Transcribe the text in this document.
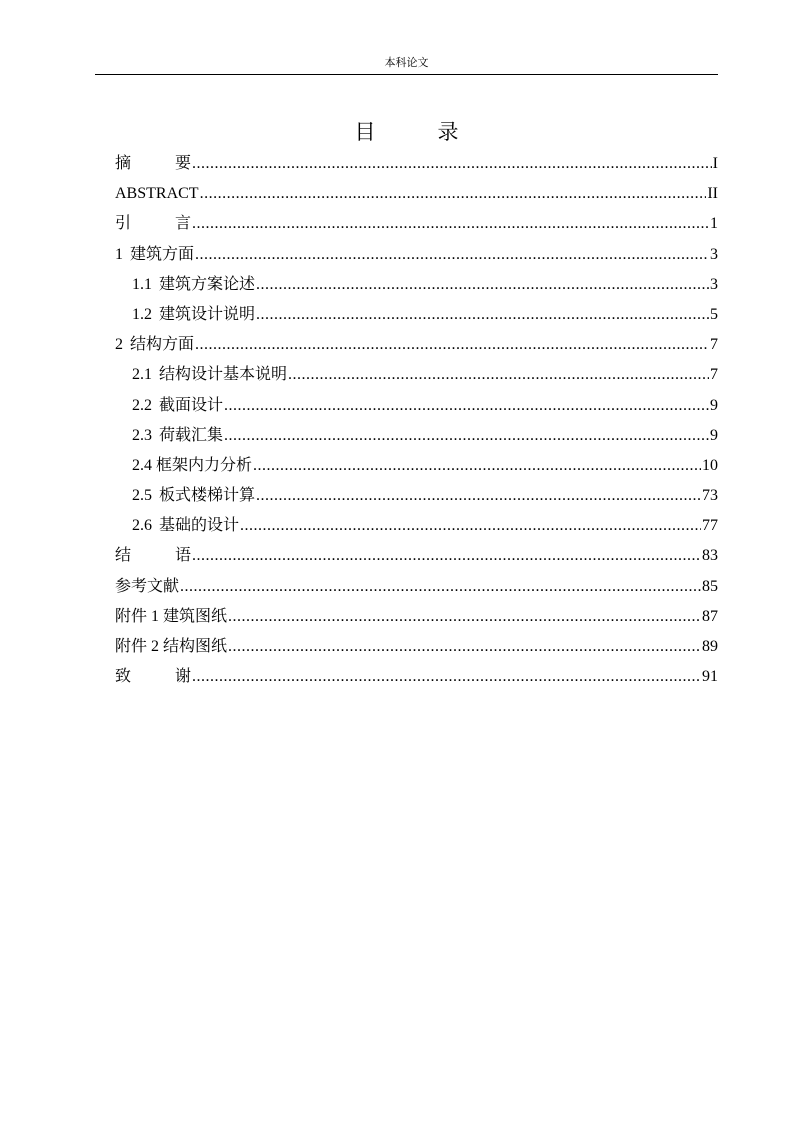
本科论文
目	录
摘	要 .....	I
ABSTRACT .....	II
引	言 .....	1
1 建筑方面 .....	3
1.1 建筑方案论述 .....	3
1.2 建筑设计说明 .....	5
2 结构方面 .....	7
2.1 结构设计基本说明 .....	7
2.2 截面设计 .....	9
2.3 荷载汇集 .....	9
2.4 框架内力分析 .....	10
2.5 板式楼梯计算 .....	73
2.6 基础的设计 .....	77
结	语 .....	83
参考文献 .....	85
附件 1 建筑图纸 .....	87
附件 2 结构图纸 .....	89
致	谢 .....	91
